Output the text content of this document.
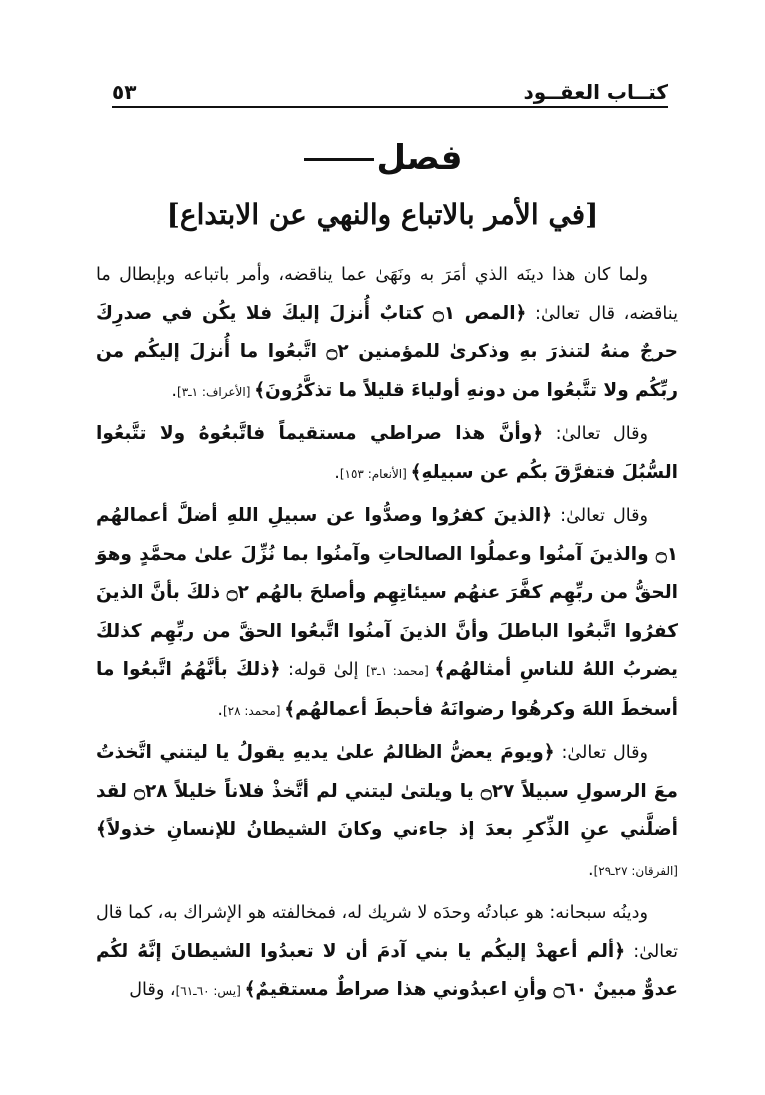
كتــاب العقــود
٥٣
فصل
[في الأمر بالاتباع والنهي عن الابتداع]

ولما كان هذا دينَه الذي أمَرَ به ونَهَىٰ عما يناقضه، وأمر باتباعه وبإبطال ما يناقضه، قال تعالىٰ: ﴿المص ۝١ كتابٌ أُنزلَ إليكَ فلا يكُن في صدرِكَ حرجٌ منهُ لتنذرَ بهِ وذكرىٰ للمؤمنين ۝٢ اتَّبعُوا ما أُنزلَ إليكُم من ربِّكُم ولا تتَّبعُوا من دونهِ أولياءَ قليلاً ما تذكَّرُونَ﴾ [الأعراف: ١ـ٣].

وقال تعالىٰ: ﴿وأنَّ هذا صراطي مستقيماً فاتَّبعُوهُ ولا تتَّبعُوا السُّبُلَ فتفرَّقَ بكُم عن سبيلهِ﴾ [الأنعام: ١٥٣].

وقال تعالىٰ: ﴿الذينَ كفرُوا وصدُّوا عن سبيلِ اللهِ أضلَّ أعمالهُم ۝١ والذينَ آمنُوا وعملُوا الصالحاتِ وآمنُوا بما نُزِّلَ علىٰ محمَّدٍ وهوَ الحقُّ من ربِّهِم كفَّرَ عنهُم سيئاتِهِم وأصلحَ بالهُم ۝٢ ذلكَ بأنَّ الذينَ كفرُوا اتَّبعُوا الباطلَ وأنَّ الذينَ آمنُوا اتَّبعُوا الحقَّ من ربِّهِم كذلكَ يضربُ اللهُ للناسِ أمثالهُم﴾ [محمد: ١ـ٣] إلىٰ قوله: ﴿ذلكَ بأنَّهُمُ اتَّبعُوا ما أسخطَ اللهَ وكرهُوا رضوانَهُ فأحبطَ أعمالهُم﴾ [محمد: ٢٨].

وقال تعالىٰ: ﴿ويومَ يعضُّ الظالمُ علىٰ يديهِ يقولُ يا ليتني اتَّخذتُ معَ الرسولِ سبيلاً ۝٢٧ يا ويلتىٰ ليتني لم أتَّخذْ فلاناً خليلاً ۝٢٨ لقد أضلَّني عنِ الذِّكرِ بعدَ إذ جاءني وكانَ الشيطانُ للإنسانِ خذولاً﴾ [الفرقان: ٢٧ـ٢٩].

ودينُه سبحانه: هو عبادتُه وحدَه لا شريك له، فمخالفته هو الإشراك به، كما قال تعالىٰ: ﴿ألم أعهدْ إليكُم يا بني آدمَ أن لا تعبدُوا الشيطانَ إنَّهُ لكُم عدوٌّ مبينٌ ۝٦٠ وأنِ اعبدُوني هذا صراطٌ مستقيمٌ﴾ [يس: ٦٠ـ٦١]، وقال
